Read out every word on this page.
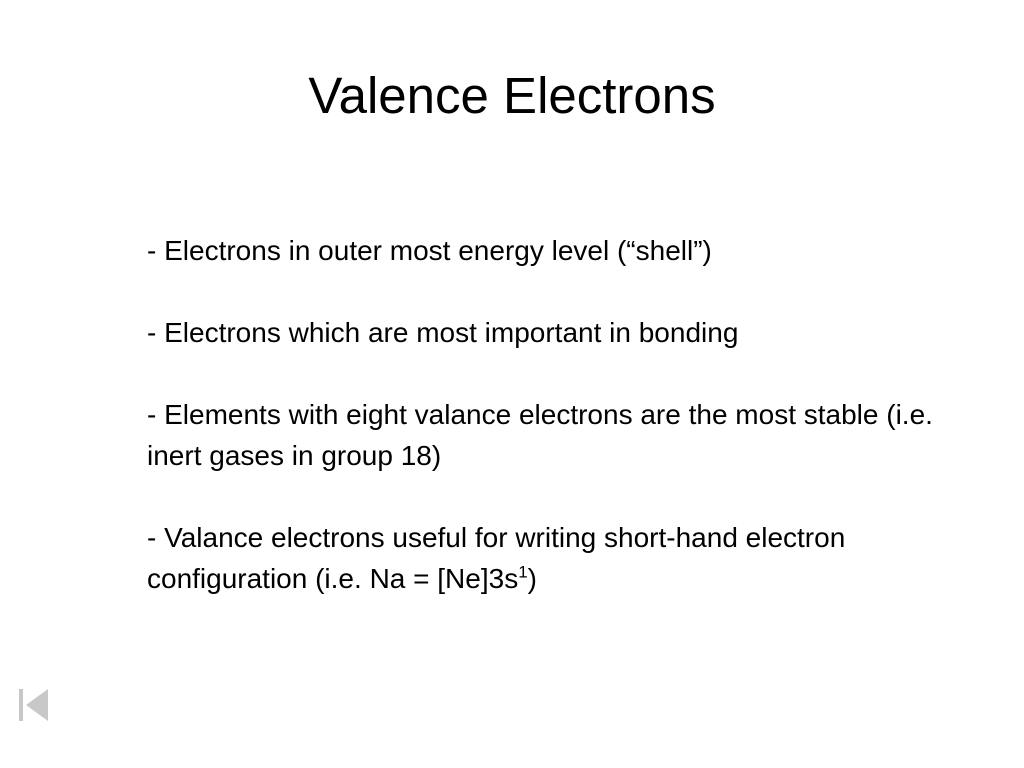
Valence Electrons
- Electrons in outer most energy level (“shell”)
- Electrons which are most important in bonding
- Elements with eight valance electrons are the most stable (i.e. inert gases in group 18)
- Valance electrons useful for writing short-hand electron configuration (i.e. $Na = [Ne]3s^1$)
